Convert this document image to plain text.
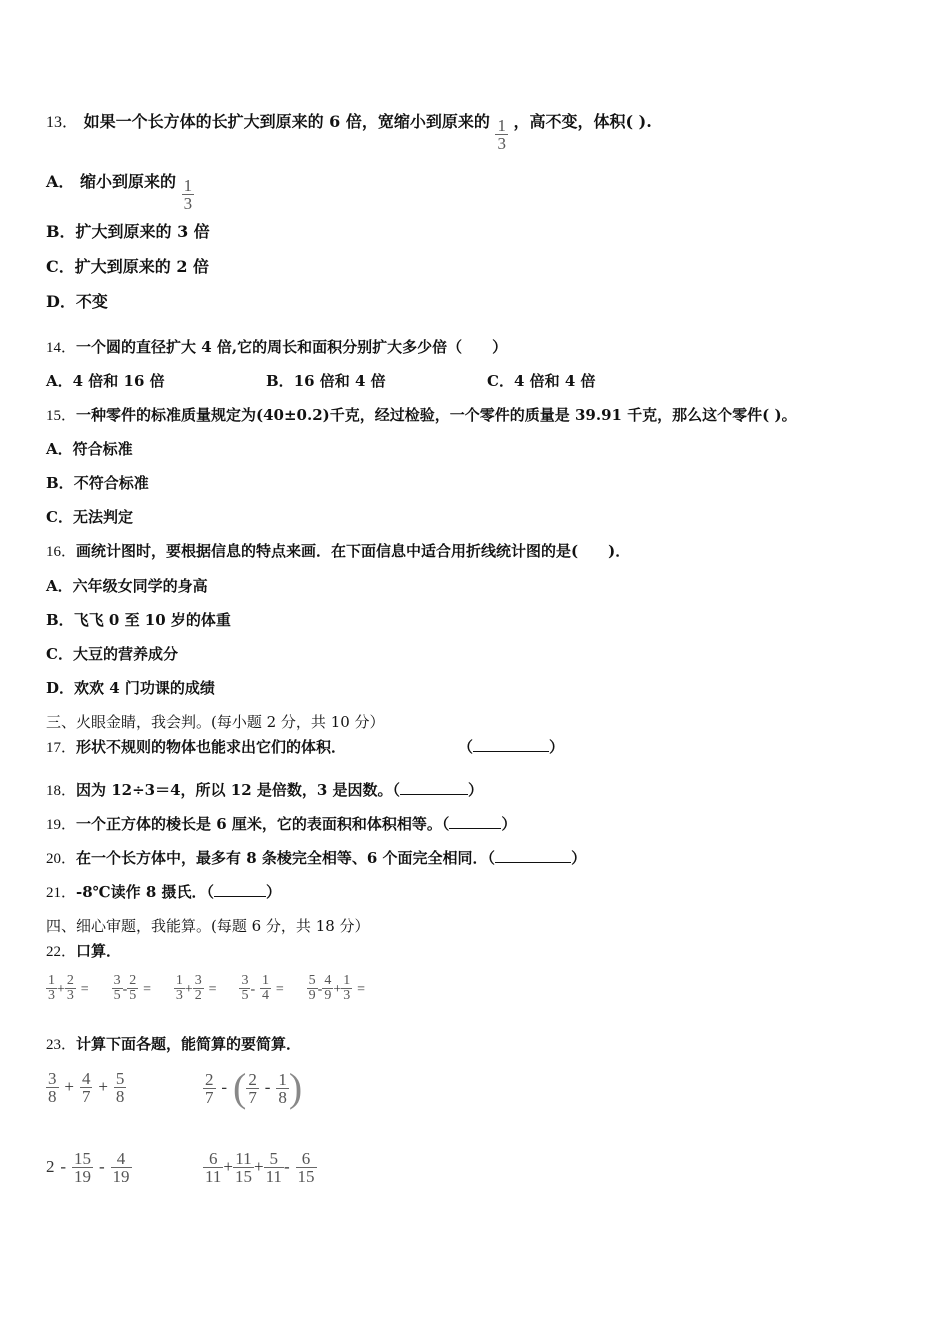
13． 如果一个长方体的长扩大到原来的 6 倍，宽缩小到原来的 $\frac{1}{3}$ ，高不变，体积( ).
A． 缩小到原来的 $\frac{1}{3}$
B．扩大到原来的 3 倍
C．扩大到原来的 2 倍
D．不变
14．一个圆的直径扩大 4 倍,它的周长和面积分别扩大多少倍（　　）
A．4 倍和 16 倍	B．16 倍和 4 倍	C．4 倍和 4 倍
15．一种零件的标准质量规定为(40±0.2)千克，经过检验，一个零件的质量是 39.91 千克，那么这个零件( )。
A．符合标准
B．不符合标准
C．无法判定
16．画统计图时，要根据信息的特点来画．在下面信息中适合用折线统计图的是(　　)．
A．六年级女同学的身高
B．飞飞 0 至 10 岁的体重
C．大豆的营养成分
D．欢欢 4 门功课的成绩
三、火眼金睛，我会判。(每小题 2 分，共 10 分）
17．形状不规则的物体也能求出它们的体积．	（	）
18．因为 12÷3＝4，所以 12 是倍数，3 是因数。（	）
19．一个正方体的棱长是 6 厘米，它的表面积和体积相等。（	）
20．在一个长方体中，最多有 8 条棱完全相等、6 个面完全相同．（	）
21．-8℃读作 8 摄氏．（	）
四、细心审题，我能算。(每题 6 分，共 18 分）
22．口算．
$\frac{1}{3} + \frac{2}{3} = \frac{3}{5} - \frac{2}{5} = \frac{1}{3} + \frac{3}{2} = \frac{3}{5} - \frac{1}{4} = \frac{5}{9} - \frac{4}{9} + \frac{1}{3}$ =
23．计算下面各题，能简算的要简算．
$\frac{3}{8} + \frac{4}{7} + \frac{5}{8}$	$\frac{2}{7}$ - ( $\frac{2}{7} - \frac{1}{8}$ )
$2 - \frac{15}{19} - \frac{4}{19}$	$\frac{6}{11} + \frac{11}{15} + \frac{5}{11} - \frac{6}{15}$
